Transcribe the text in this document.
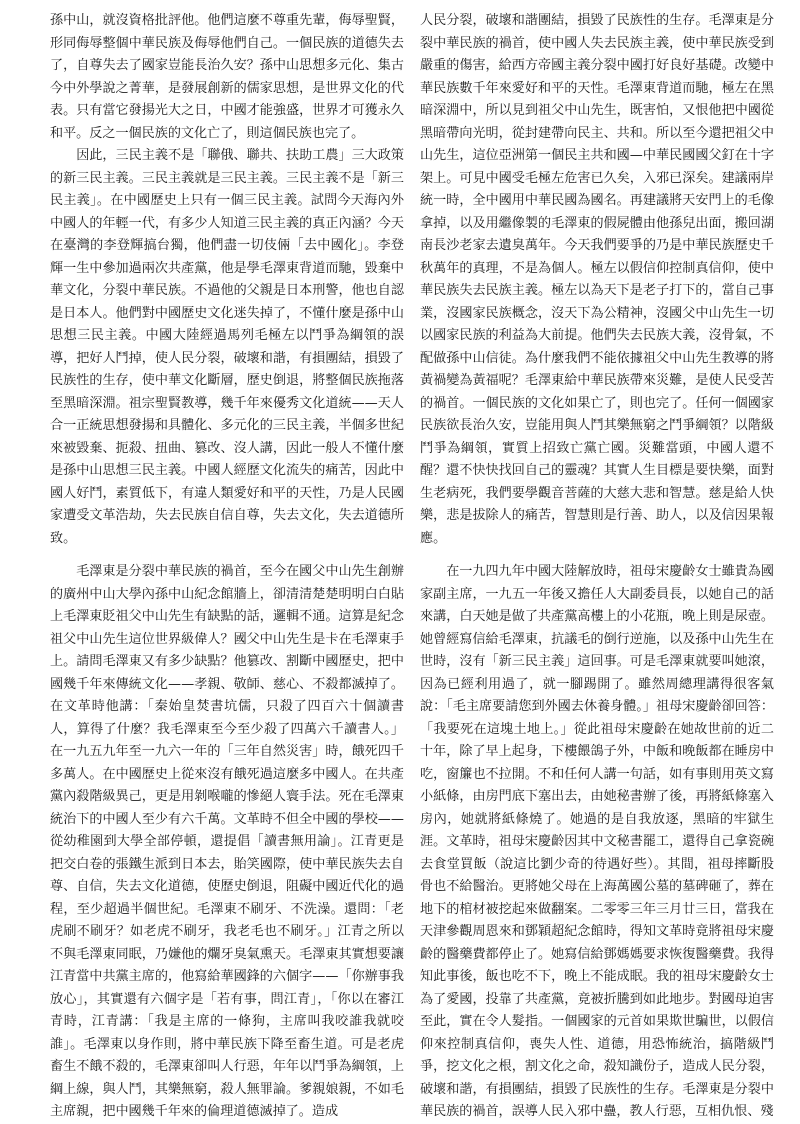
孫中山，就沒資格批評他。他們這麼不尊重先輩，侮辱聖賢，形同侮辱整個中華民族及侮辱他們自己。一個民族的道德失去了，自尊失去了國家豈能長治久安？孫中山思想多元化、集古今中外學說之菁華，是發展創新的儒家思想，是世界文化的代表。只有當它發揚光大之日，中國才能強盛，世界才可獲永久和平。反之一個民族的文化亡了，則這個民族也完了。

因此，三民主義不是「聯俄、聯共、扶助工農」三大政策的新三民主義。三民主義就是三民主義。三民主義不是「新三民主義」。在中國歷史上只有一個三民主義。試問今天海內外中國人的年輕一代，有多少人知道三民主義的真正內涵？今天在臺灣的李登輝搞台獨，他們盡一切伎倆「去中國化」。李登輝一生中參加過兩次共產黨，他是學毛澤東背道而馳，毀棄中華文化，分裂中華民族。不過他的父親是日本刑警，他也自認是日本人。他們對中國歷史文化迷失掉了，不懂什麼是孫中山思想三民主義。中國大陸經過馬列毛極左以鬥爭為綱領的誤導，把好人鬥掉，使人民分裂，破壞和諧，有損團結，損毀了民族性的生存，使中華文化斷層，歷史倒退，將整個民族拖落至黑暗深淵。祖宗聖賢教導，幾千年來優秀文化道統——天人合一正統思想發揚和具體化、多元化的三民主義，半個多世紀來被毀棄、扼殺、扭曲、篡改、沒人講，因此一般人不懂什麼是孫中山思想三民主義。中國人經歷文化流失的痛苦，因此中國人好鬥，素質低下，有違人類愛好和平的天性，乃是人民國家遭受文革浩劫，失去民族自信自尊，失去文化，失去道德所致。

毛澤東是分裂中華民族的禍首，至今在國父中山先生創辦的廣州中山大學內孫中山紀念館牆上，卻清清楚楚明明白白貼上毛澤東貶祖父中山先生有缺點的話，邏輯不通。這算是紀念祖父中山先生這位世界級偉人？國父中山先生是卡在毛澤東手上。請問毛澤東又有多少缺點？他篡改、割斷中國歷史，把中國幾千年來傳統文化——孝親、敬師、慈心、不殺都滅掉了。在文革時他講：「秦始皇焚書坑儒，只殺了四百六十個讀書人，算得了什麼？我毛澤東至今至少殺了四萬六千讀書人。」在一九五九年至一九六一年的「三年自然災害」時，餓死四千多萬人。在中國歷史上從來沒有餓死過這麼多中國人。在共產黨內殺階級異己，更是用剝喉嚨的慘絕人寰手法。死在毛澤東統治下的中國人至少有六千萬。文革時不但全中國的學校——從幼稚園到大學全部停頓，還提倡「讀書無用論」。江青更是把交白卷的張鐵生派到日本去，貽笑國際，使中華民族失去自尊、自信，失去文化道德，使歷史倒退，阻礙中國近代化的過程，至少超過半個世紀。毛澤東不刷牙、不洗澡。還問：「老虎刷不刷牙？如老虎不刷牙，我老毛也不刷牙。」江青之所以不與毛澤東同眠，乃嫌他的爛牙臭氣熏天。毛澤東其實想要讓江青當中共黨主席的，他寫給華國鋒的六個字——「你辦事我放心」，其實還有六個字是「若有事，問江青」，「你以在審江青時，江青講：「我是主席的一條狗，主席叫我咬誰我就咬誰」。毛澤東以身作則，將中華民族下降至畜生道。可是老虎畜生不餓不殺的，毛澤東卻叫人行惡，年年以鬥爭為綱領，上綱上線，與人鬥，其樂無窮，殺人無罪論。爹親娘親，不如毛主席親，把中國幾千年來的倫理道德滅掉了。造成

人民分裂，破壞和諧團結，損毀了民族性的生存。毛澤東是分裂中華民族的禍首，使中國人失去民族主義，使中華民族受到嚴重的傷害，給西方帝國主義分裂中國打好良好基礎。改變中華民族數千年來愛好和平的天性。毛澤東背道而馳，極左在黑暗深淵中，所以見到祖父中山先生，既害怕，又恨他把中國從黑暗帶向光明，從封建帶向民主、共和。所以至今還把祖父中山先生，這位亞洲第一個民主共和國—中華民國國父釘在十字架上。可見中國受毛極左危害已久矣，入邪已深矣。建議兩岸統一時，全中國用中華民國為國名。再建議將天安門上的毛像拿掉，以及用繼像製的毛澤東的假屍體由他孫兒出面，搬回湖南長沙老家去遺臭萬年。今天我們要爭的乃是中華民族歷史千秋萬年的真理，不是為個人。極左以假信仰控制真信仰，使中華民族失去民族主義。極左以為天下是老子打下的，當自己事業，沒國家民族概念，沒天下為公精神，沒國父中山先生一切以國家民族的利益為大前提。他們失去民族大義，沒骨氣，不配做孫中山信徒。為什麼我們不能依據祖父中山先生教導的將黃禍變為黃福呢？毛澤東給中華民族帶來災難，是使人民受苦的禍首。一個民族的文化如果亡了，則也完了。任何一個國家民族欲長治久安，豈能用與人鬥其樂無窮之鬥爭綱領？以階級鬥爭為綱領，實質上招致亡黨亡國。災難當頭，中國人還不醒？還不快快找回自己的靈魂？其實人生目標是要快樂，面對生老病死，我們要學觀音菩薩的大慈大悲和智慧。慈是給人快樂，悲是拔除人的痛苦，智慧則是行善、助人，以及信因果報應。

在一九四九年中國大陸解放時，祖母宋慶齡女士雖貴為國家副主席，一九五一年後又擔任人大副委員長，以她自己的話來講，白天她是做了共產黨高樓上的小花瓶，晚上則是尿壺。她曾經寫信給毛澤東，抗議毛的倒行逆施，以及孫中山先生在世時，沒有「新三民主義」這回事。可是毛澤東就要叫她滾，因為已經利用過了，就一腳踢開了。雖然周總理講得很客氣說：「毛主席要請您到外國去休養身體。」祖母宋慶齡卻回答：「我要死在這塊土地上。」從此祖母宋慶齡在她故世前的近二十年，除了早上起身，下樓餵鴿子外，中飯和晚飯都在睡房中吃，窗簾也不拉開。不和任何人講一句話，如有事則用英文寫小紙條，由房門底下塞出去，由她秘書辦了後，再將紙條塞入房內，她就將紙條燒了。她過的是自我放逐，黑暗的牢獄生涯。文革時，祖母宋慶齡因其中文秘書罷工，還得自己拿瓷碗去食堂買飯（說這比劉少奇的待遇好些）。其間，祖母摔斷股骨也不給醫治。更將她父母在上海萬國公墓的墓碑砸了，葬在地下的棺材被挖起來做翻案。二零零三年三月廿三日，當我在天津參觀周恩來和鄧穎超紀念館時，得知文革時竟將祖母宋慶齡的醫藥費都停止了。她寫信給鄧媽媽要求恢復醫藥費。我得知此事後，飯也吃不下，晚上不能成眠。我的祖母宋慶齡女士為了愛國，投靠了共產黨，竟被折騰到如此地步。對國母迫害至此，實在令人髮指。一個國家的元首如果欺世騙世，以假信仰來控制真信仰，喪失人性、道德，用恐怖統治，搞階級鬥爭，挖文化之根，割文化之命，殺知識份子，造成人民分裂，破壞和諧，有損團結，損毀了民族性的生存。毛澤東是分裂中華民族的禍首，誤導人民入邪中蠱，教人行惡，互相仇恨、殘
